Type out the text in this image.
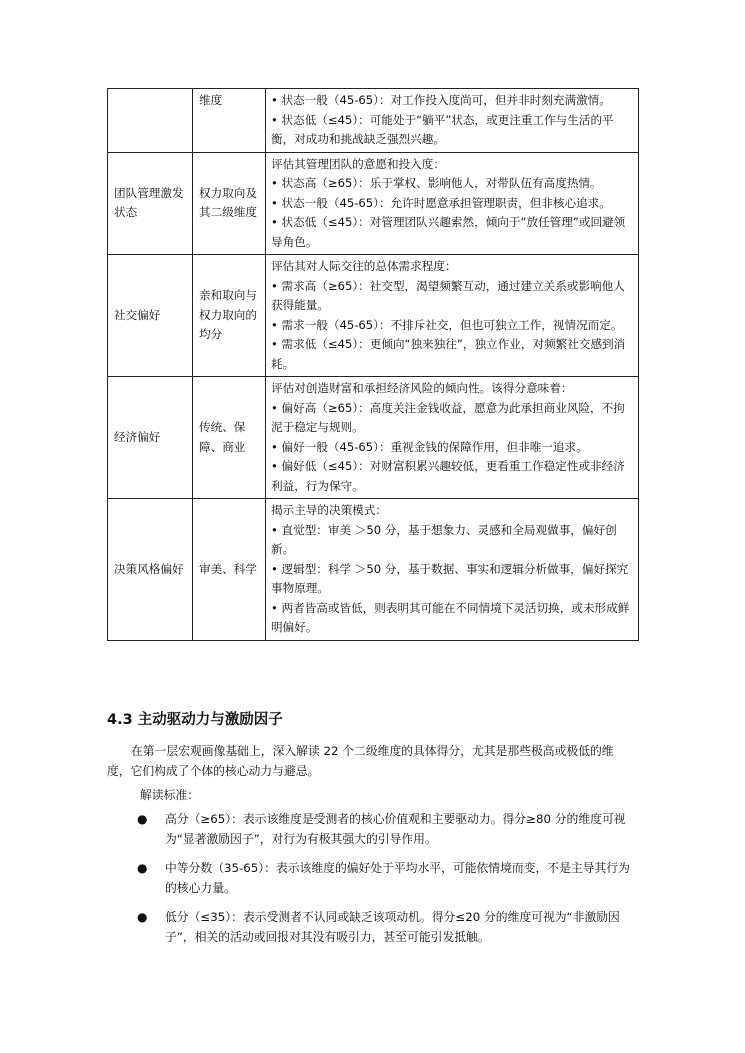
	维度	• 状态一般（45-65）：对工作投入度尚可，但并非时刻充满激情。
• 状态低（≤45）：可能处于“躺平”状态，或更注重工作与生活的平衡，对成功和挑战缺乏强烈兴趣。

团队管理激发状态	权力取向及其二级维度	评估其管理团队的意愿和投入度：
• 状态高（≥65）：乐于掌权、影响他人，对带队伍有高度热情。
• 状态一般（45-65）：允许时愿意承担管理职责，但非核心追求。
• 状态低（≤45）：对管理团队兴趣索然，倾向于“放任管理”或回避领导角色。

社交偏好	亲和取向与权力取向的均分	评估其对人际交往的总体需求程度：
• 需求高（≥65）：社交型，渴望频繁互动，通过建立关系或影响他人获得能量。
• 需求一般（45-65）：不排斥社交，但也可独立工作，视情况而定。
• 需求低（≤45）：更倾向“独来独往”，独立作业，对频繁社交感到消耗。

经济偏好	传统、保障、商业	评估对创造财富和承担经济风险的倾向性。该得分意味着：
• 偏好高（≥65）：高度关注金钱收益，愿意为此承担商业风险，不拘泥于稳定与规则。
• 偏好一般（45-65）：重视金钱的保障作用，但非唯一追求。
• 偏好低（≤45）：对财富积累兴趣较低，更看重工作稳定性或非经济利益，行为保守。

决策风格偏好	审美、科学	揭示主导的决策模式：
• 直觉型：审美 ＞50 分，基于想象力、灵感和全局观做事，偏好创新。
• 逻辑型：科学 ＞50 分，基于数据、事实和逻辑分析做事，偏好探究事物原理。
• 两者皆高或皆低，则表明其可能在不同情境下灵活切换，或未形成鲜明偏好。
4.3 主动驱动力与激励因子
在第一层宏观画像基础上，深入解读 22 个二级维度的具体得分，尤其是那些极高或极低的维度，它们构成了个体的核心动力与避忌。
解读标准：
● 高分（≥65）：表示该维度是受测者的核心价值观和主要驱动力。得分≥80 分的维度可视为“显著激励因子”，对行为有极其强大的引导作用。
● 中等分数（35-65）：表示该维度的偏好处于平均水平，可能依情境而变，不是主导其行为的核心力量。
● 低分（≤35）：表示受测者不认同或缺乏该项动机。得分≤20 分的维度可视为“非激励因子”，相关的活动或回报对其没有吸引力，甚至可能引发抵触。
